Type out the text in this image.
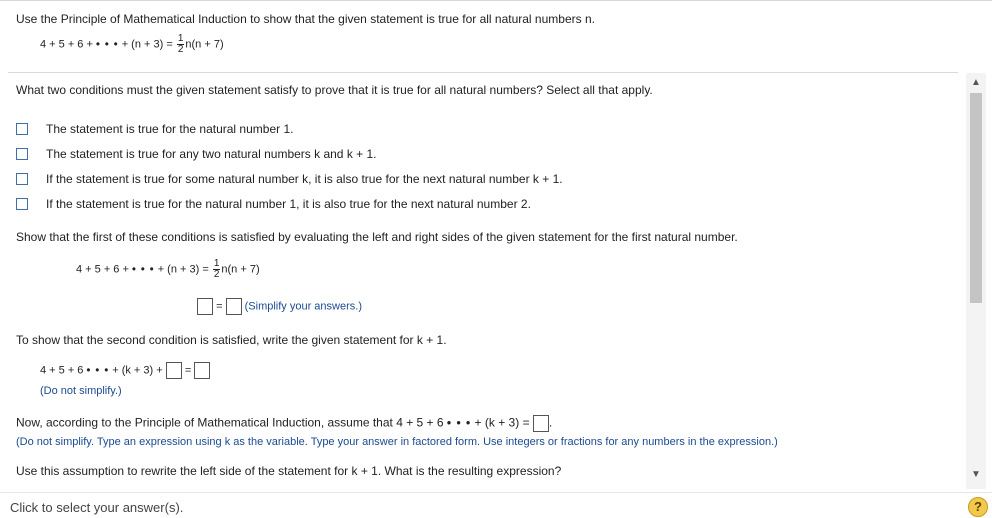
Use the Principle of Mathematical Induction to show that the given statement is true for all natural numbers n.
4 + 5 + 6 + • • • + $(n + 3) = \frac{1}{2} n(n + 7)$
What two conditions must the given statement satisfy to prove that it is true for all natural numbers? Select all that apply.
The statement is true for the natural number 1.
The statement is true for any two natural numbers k and k + 1.
If the statement is true for some natural number k, it is also true for the next natural number k + 1.
If the statement is true for the natural number 1, it is also true for the next natural number 2.
Show that the first of these conditions is satisfied by evaluating the left and right sides of the given statement for the first natural number.
4 + 5 + 6 + • • • + $(n + 3) = \frac{1}{2} n(n + 7)$
= (Simplify your answers.)
To show that the second condition is satisfied, write the given statement for k + 1.
4 + 5 + 6 • • • + (k + 3) + =
(Do not simplify.)
Now, according to the Principle of Mathematical Induction, assume that 4 + 5 + 6 • • • + (k + 3) = .
(Do not simplify. Type an expression using k as the variable. Type your answer in factored form. Use integers or fractions for any numbers in the expression.)
Use this assumption to rewrite the left side of the statement for k + 1. What is the resulting expression?
▲
▼
Click to select your answer(s).	?
